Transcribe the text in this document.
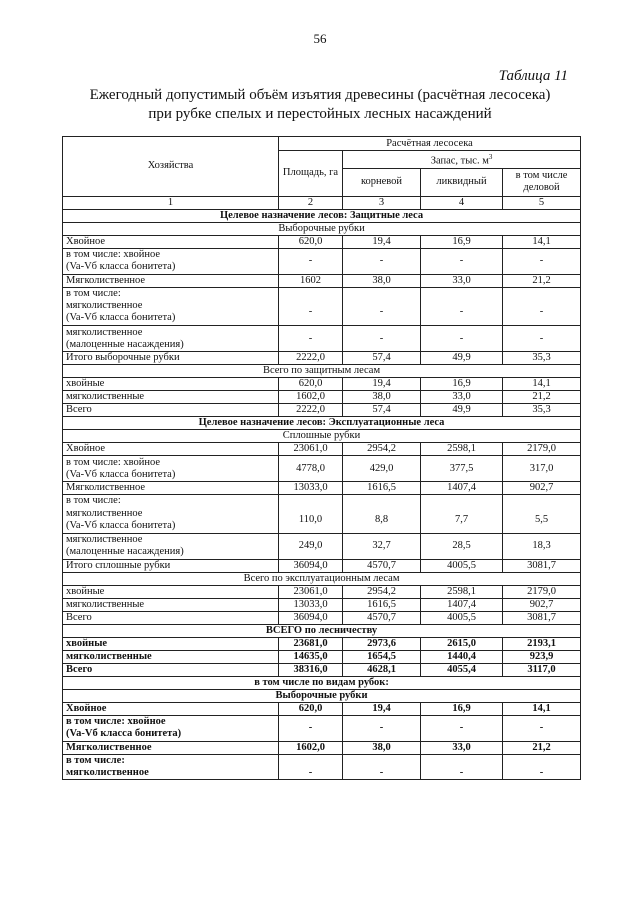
56
Таблица 11
Ежегодный допустимый объём изъятия древесины (расчётная лесосека)
при рубке спелых и перестойных лесных насаждений
Хозяйства	Расчётная лесосека			
	Площадь, га	Запас, тыс. $м^3$
		корневой	ликвидный	в том числе деловой
1	2	3	4	5
Целевое назначение лесов: Защитные леса				
Выборочные рубки				
Хвойное	620,0	19,4	16,9	14,1
в том числе: хвойное
(Va-Vб класса бонитета)	-	-	-	-
Мягколиственное	1602	38,0	33,0	21,2
в том числе:				
мягколиственное
(Va-Vб класса бонитета)	-	-	-	-
мягколиственное
(малоценные насаждения)	-	-	-	-
Итого выборочные рубки	2222,0	57,4	49,9	35,3
Всего по защитным лесам				
хвойные	620,0	19,4	16,9	14,1
мягколиственные	1602,0	38,0	33,0	21,2
Всего	2222,0	57,4	49,9	35,3
Целевое назначение лесов: Эксплуатационные леса				
Сплошные рубки				
Хвойное	23061,0	2954,2	2598,1	2179,0
в том числе: хвойное
(Va-Vб класса бонитета)	4778,0	429,0	377,5	317,0
Мягколиственное	13033,0	1616,5	1407,4	902,7
в том числе:				
мягколиственное
(Va-Vб класса бонитета)	110,0	8,8	7,7	5,5
мягколиственное
(малоценные насаждения)	249,0	32,7	28,5	18,3
Итого сплошные рубки	36094,0	4570,7	4005,5	3081,7
Всего по эксплуатационным лесам				
хвойные	23061,0	2954,2	2598,1	2179,0
мягколиственные	13033,0	1616,5	1407,4	902,7
Всего	36094,0	4570,7	4005,5	3081,7
ВСЕГО по лесничеству				
хвойные	23681,0	2973,6	2615,0	2193,1
мягколиственные	14635,0	1654,5	1440,4	923,9
Всего	38316,0	4628,1	4055,4	3117,0
в том числе по видам рубок:				
Выборочные рубки				
Хвойное	620,0	19,4	16,9	14,1
в том числе: хвойное
(Va-Vб класса бонитета)	-	-	-	-
Мягколиственное	1602,0	38,0	33,0	21,2
в том числе:				
мягколиственное	-	-	-	-
